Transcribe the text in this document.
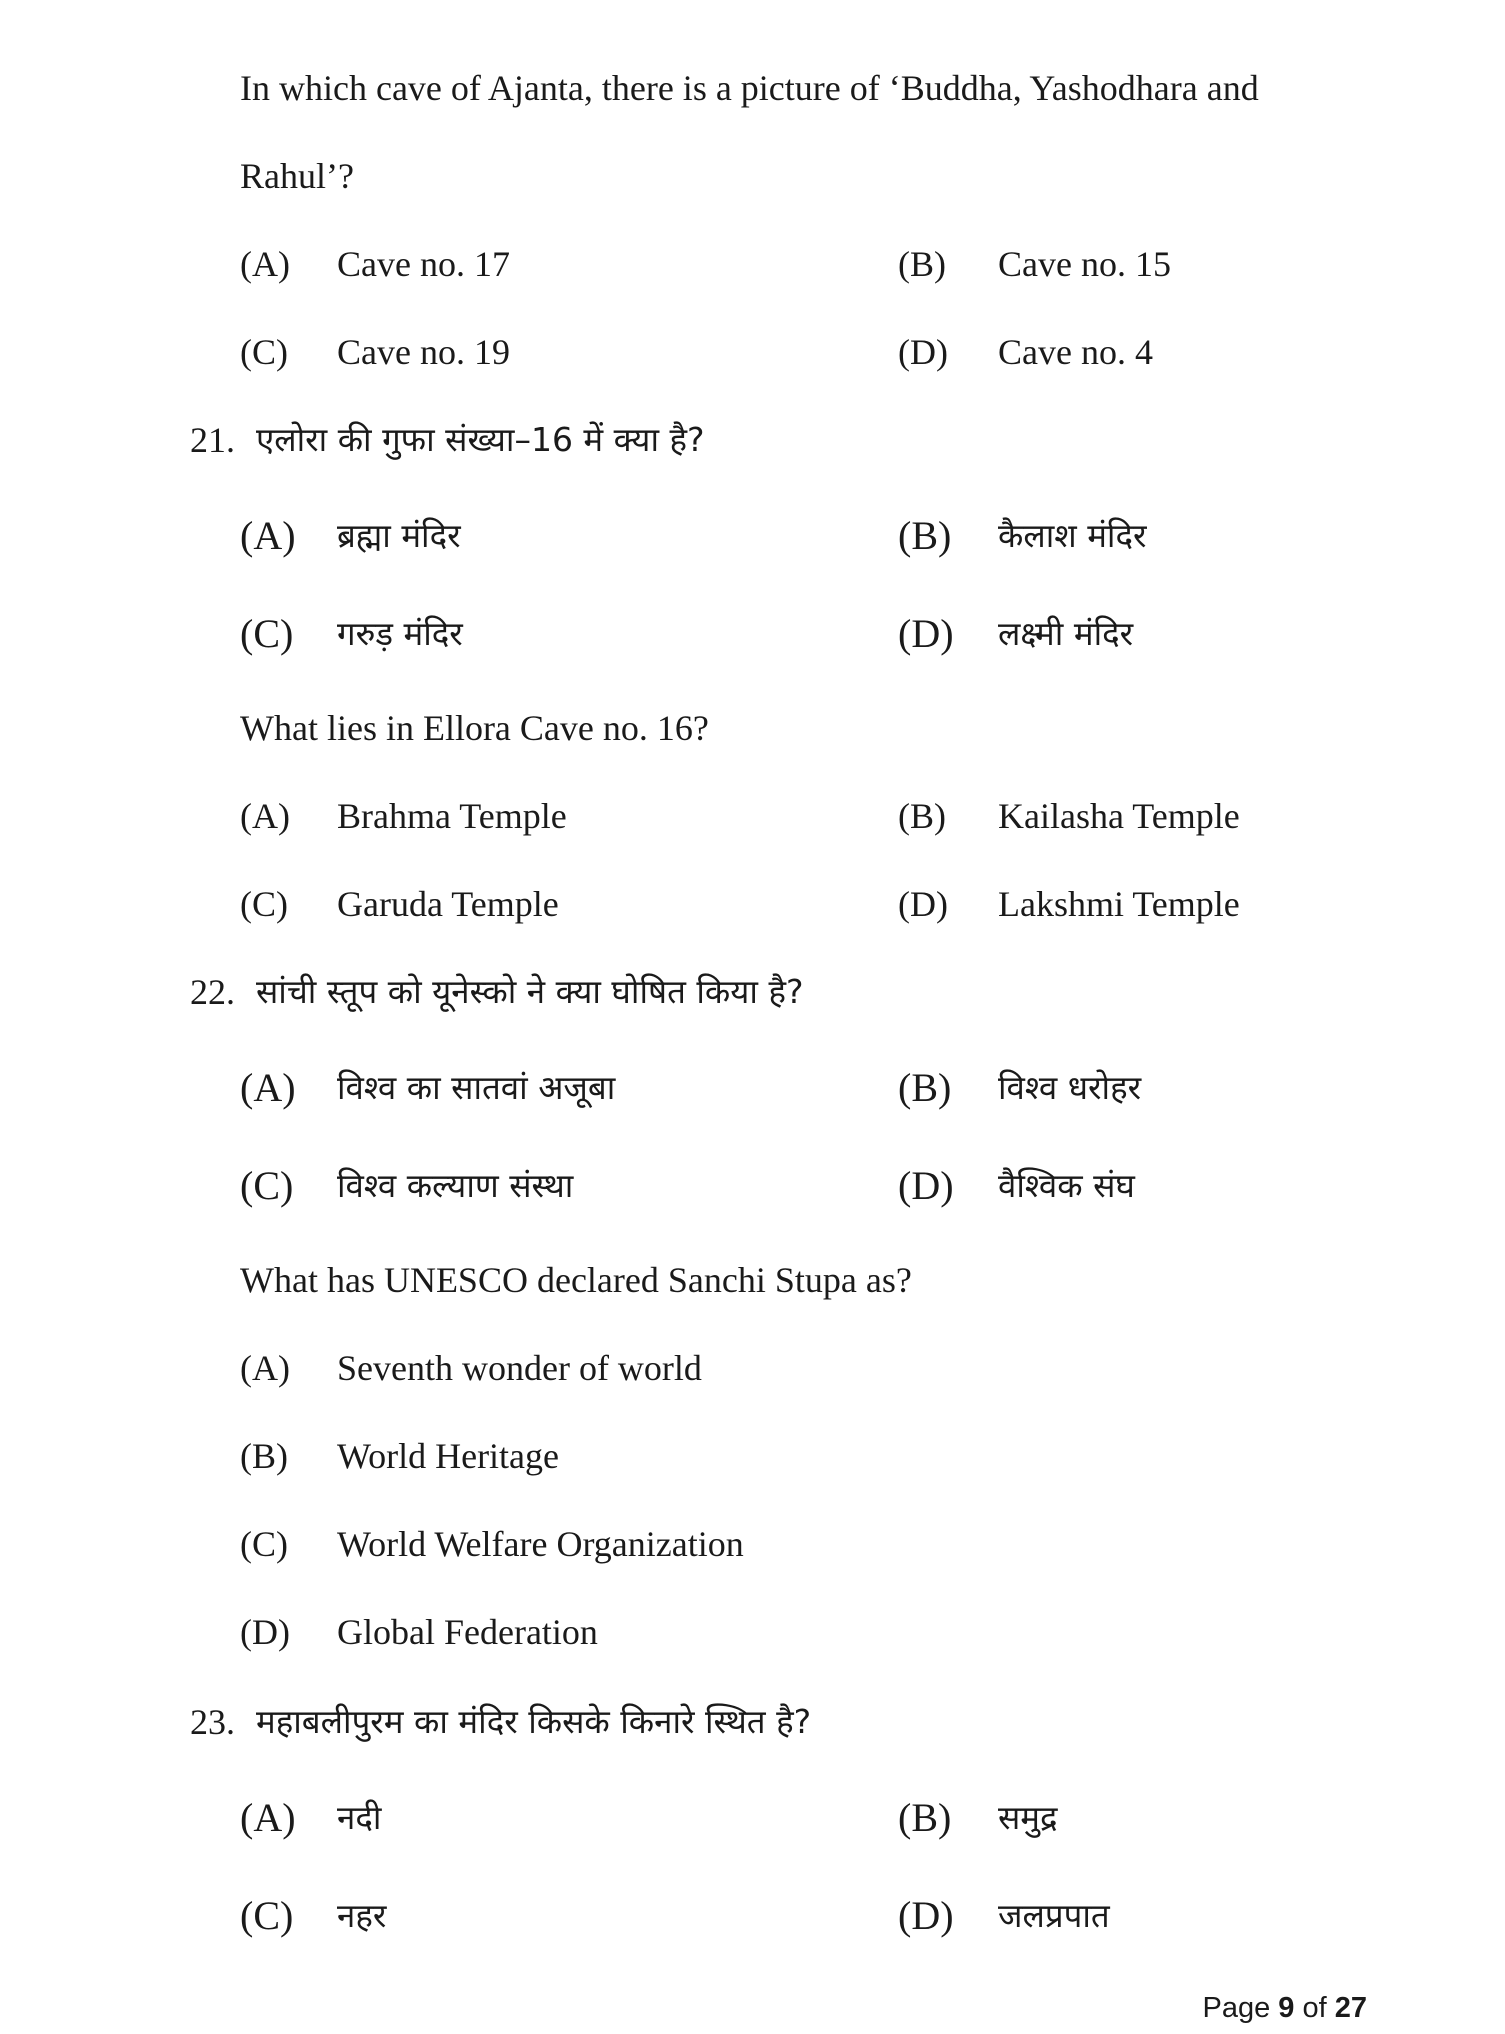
In which cave of Ajanta, there is a picture of ‘Buddha, Yashodhara and
Rahul’?
(A) Cave no. 17	(B) Cave no. 15
(C) Cave no. 19	(D) Cave no. 4
21. एलोरा की गुफा संख्या–16 में क्या है?
(A) ब्रह्मा मंदिर	(B) कैलाश मंदिर
(C) गरुड़ मंदिर	(D) लक्ष्मी मंदिर
What lies in Ellora Cave no. 16?
(A) Brahma Temple	(B) Kailasha Temple
(C) Garuda Temple	(D) Lakshmi Temple
22. सांची स्तूप को यूनेस्को ने क्या घोषित किया है?
(A) विश्व का सातवां अजूबा	(B) विश्व धरोहर
(C) विश्व कल्याण संस्था	(D) वैश्विक संघ
What has UNESCO declared Sanchi Stupa as?
(A) Seventh wonder of world
(B) World Heritage
(C) World Welfare Organization
(D) Global Federation
23. महाबलीपुरम का मंदिर किसके किनारे स्थित है?
(A) नदी	(B) समुद्र
(C) नहर	(D) जलप्रपात
Page 9 of 27
